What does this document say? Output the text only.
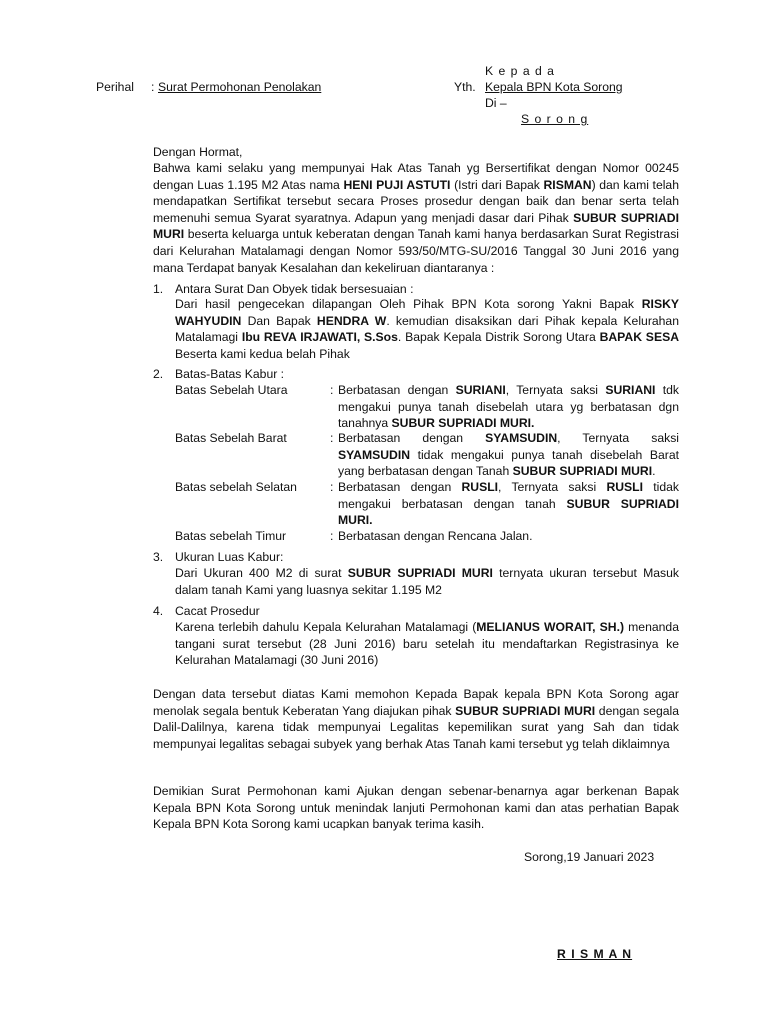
Perihal : Surat Permohonan Penolakan
K e p a d a
Yth. Kepala BPN Kota Sorong
Di –
S o r o n g
Dengan Hormat,
Bahwa kami selaku yang mempunyai Hak Atas Tanah yg Bersertifikat dengan Nomor 00245 dengan Luas 1.195 M2 Atas nama HENI PUJI ASTUTI (Istri dari Bapak RISMAN) dan kami telah mendapatkan Sertifikat tersebut secara Proses prosedur dengan baik dan benar serta telah memenuhi semua Syarat syaratnya. Adapun yang menjadi dasar dari Pihak SUBUR SUPRIADI MURI beserta keluarga untuk keberatan dengan Tanah kami hanya berdasarkan Surat Registrasi dari Kelurahan Matalamagi dengan Nomor 593/50/MTG-SU/2016 Tanggal 30 Juni 2016 yang mana Terdapat banyak Kesalahan dan kekeliruan diantaranya :
1. Antara Surat Dan Obyek tidak bersesuaian :
Dari hasil pengecekan dilapangan Oleh Pihak BPN Kota sorong Yakni Bapak RISKY WAHYUDIN Dan Bapak HENDRA W. kemudian disaksikan dari Pihak kepala Kelurahan Matalamagi Ibu REVA IRJAWATI, S.Sos. Bapak Kepala Distrik Sorong Utara BAPAK SESA Beserta kami kedua belah Pihak
2. Batas-Batas Kabur :
Batas Sebelah Utara	: Berbatasan dengan SURIANI, Ternyata saksi SURIANI tdk mengakui punya tanah disebelah utara yg berbatasan dgn tanahnya SUBUR SUPRIADI MURI.
Batas Sebelah Barat	: Berbatasan dengan SYAMSUDIN, Ternyata saksi SYAMSUDIN tidak mengakui punya tanah disebelah Barat yang berbatasan dengan Tanah SUBUR SUPRIADI MURI.
Batas sebelah Selatan	: Berbatasan dengan RUSLI, Ternyata saksi RUSLI tidak mengakui berbatasan dengan tanah SUBUR SUPRIADI MURI.
Batas sebelah Timur	: Berbatasan dengan Rencana Jalan.
3. Ukuran Luas Kabur:
Dari Ukuran 400 M2 di surat SUBUR SUPRIADI MURI ternyata ukuran tersebut Masuk dalam tanah Kami yang luasnya sekitar 1.195 M2
4. Cacat Prosedur
Karena terlebih dahulu Kepala Kelurahan Matalamagi (MELIANUS WORAIT, SH.) menanda tangani surat tersebut (28 Juni 2016) baru setelah itu mendaftarkan Registrasinya ke Kelurahan Matalamagi (30 Juni 2016)
Dengan data tersebut diatas Kami memohon Kepada Bapak kepala BPN Kota Sorong agar menolak segala bentuk Keberatan Yang diajukan pihak SUBUR SUPRIADI MURI dengan segala Dalil-Dalilnya, karena tidak mempunyai Legalitas kepemilikan surat yang Sah dan tidak mempunyai legalitas sebagai subyek yang berhak Atas Tanah kami tersebut yg telah diklaimnya
Demikian Surat Permohonan kami Ajukan dengan sebenar-benarnya agar berkenan Bapak Kepala BPN Kota Sorong untuk menindak lanjuti Permohonan kami dan atas perhatian Bapak Kepala BPN Kota Sorong kami ucapkan banyak terima kasih.
Sorong,19 Januari 2023
R I S M A N
